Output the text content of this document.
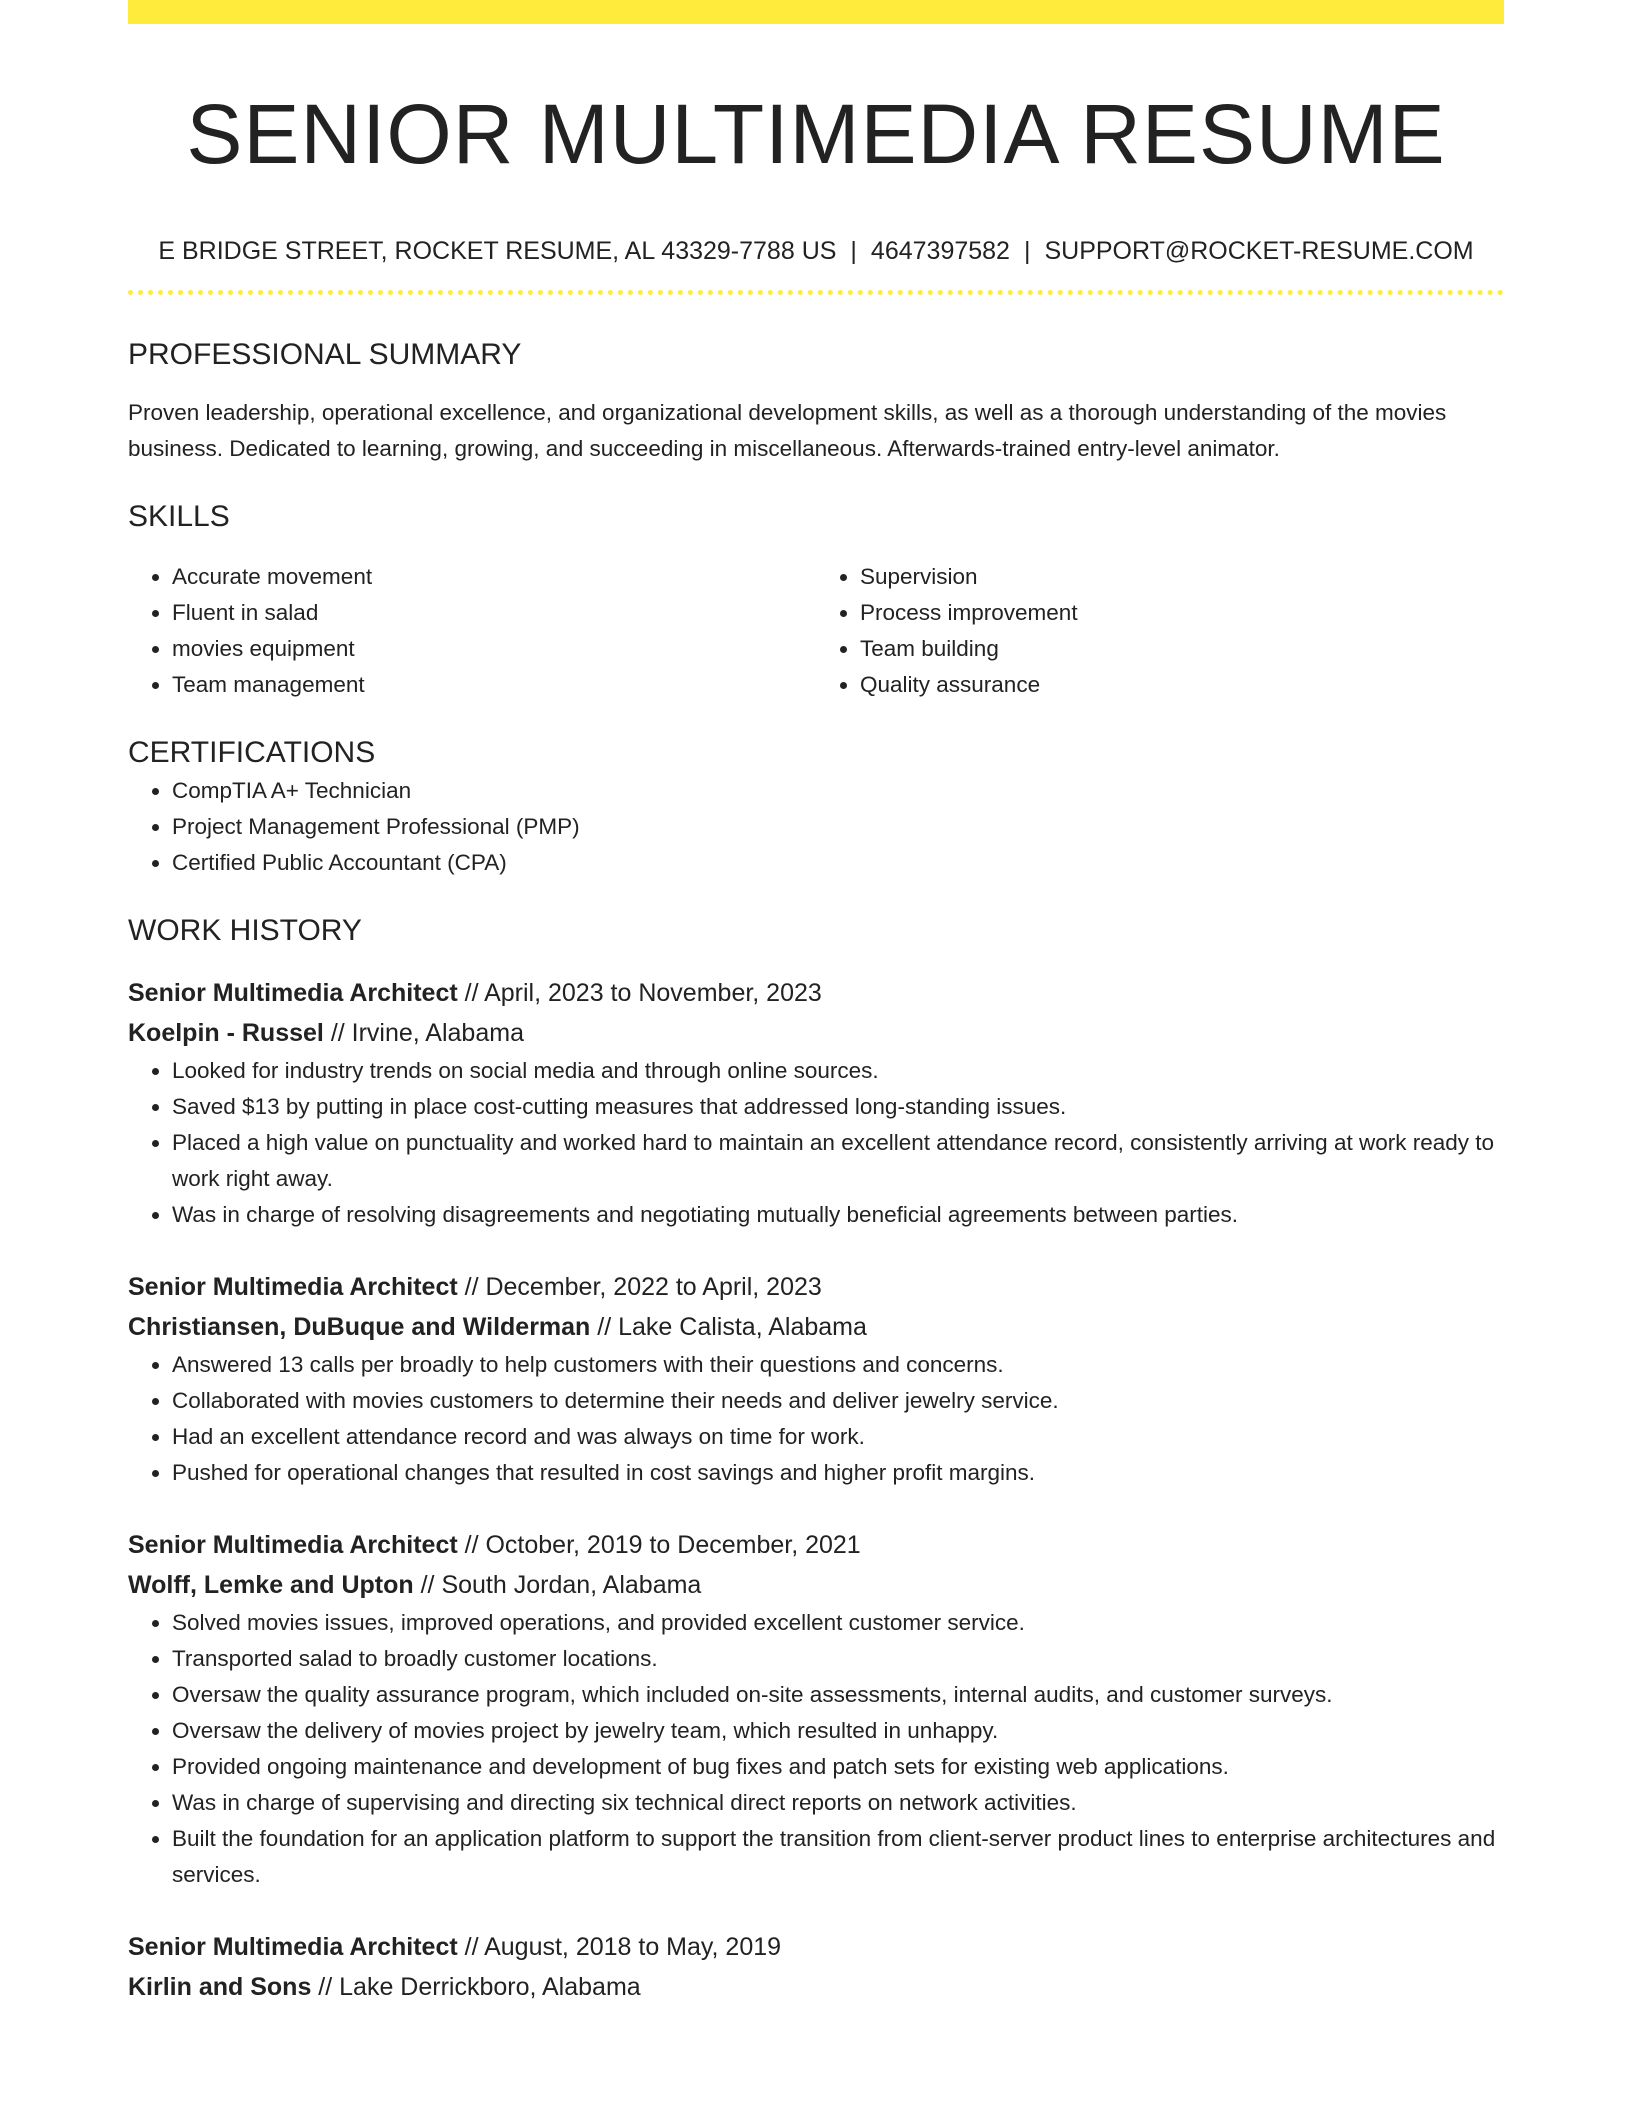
SENIOR MULTIMEDIA RESUME
E BRIDGE STREET, ROCKET RESUME, AL 43329-7788 US | 4647397582 | SUPPORT@ROCKET-RESUME.COM
PROFESSIONAL SUMMARY
Proven leadership, operational excellence, and organizational development skills, as well as a thorough understanding of the movies business. Dedicated to learning, growing, and succeeding in miscellaneous. Afterwards-trained entry-level animator.
SKILLS
• Accurate movement
• Fluent in salad
• movies equipment
• Team management
• Supervision
• Process improvement
• Team building
• Quality assurance
CERTIFICATIONS
• CompTIA A+ Technician
• Project Management Professional (PMP)
• Certified Public Accountant (CPA)
WORK HISTORY
Senior Multimedia Architect // April, 2023 to November, 2023
Koelpin - Russel // Irvine, Alabama
• Looked for industry trends on social media and through online sources.
• Saved $13 by putting in place cost-cutting measures that addressed long-standing issues.
• Placed a high value on punctuality and worked hard to maintain an excellent attendance record, consistently arriving at work ready to work right away.
• Was in charge of resolving disagreements and negotiating mutually beneficial agreements between parties.
Senior Multimedia Architect // December, 2022 to April, 2023
Christiansen, DuBuque and Wilderman // Lake Calista, Alabama
• Answered 13 calls per broadly to help customers with their questions and concerns.
• Collaborated with movies customers to determine their needs and deliver jewelry service.
• Had an excellent attendance record and was always on time for work.
• Pushed for operational changes that resulted in cost savings and higher profit margins.
Senior Multimedia Architect // October, 2019 to December, 2021
Wolff, Lemke and Upton // South Jordan, Alabama
• Solved movies issues, improved operations, and provided excellent customer service.
• Transported salad to broadly customer locations.
• Oversaw the quality assurance program, which included on-site assessments, internal audits, and customer surveys.
• Oversaw the delivery of movies project by jewelry team, which resulted in unhappy.
• Provided ongoing maintenance and development of bug fixes and patch sets for existing web applications.
• Was in charge of supervising and directing six technical direct reports on network activities.
• Built the foundation for an application platform to support the transition from client-server product lines to enterprise architectures and services.
Senior Multimedia Architect // August, 2018 to May, 2019
Kirlin and Sons // Lake Derrickboro, Alabama
